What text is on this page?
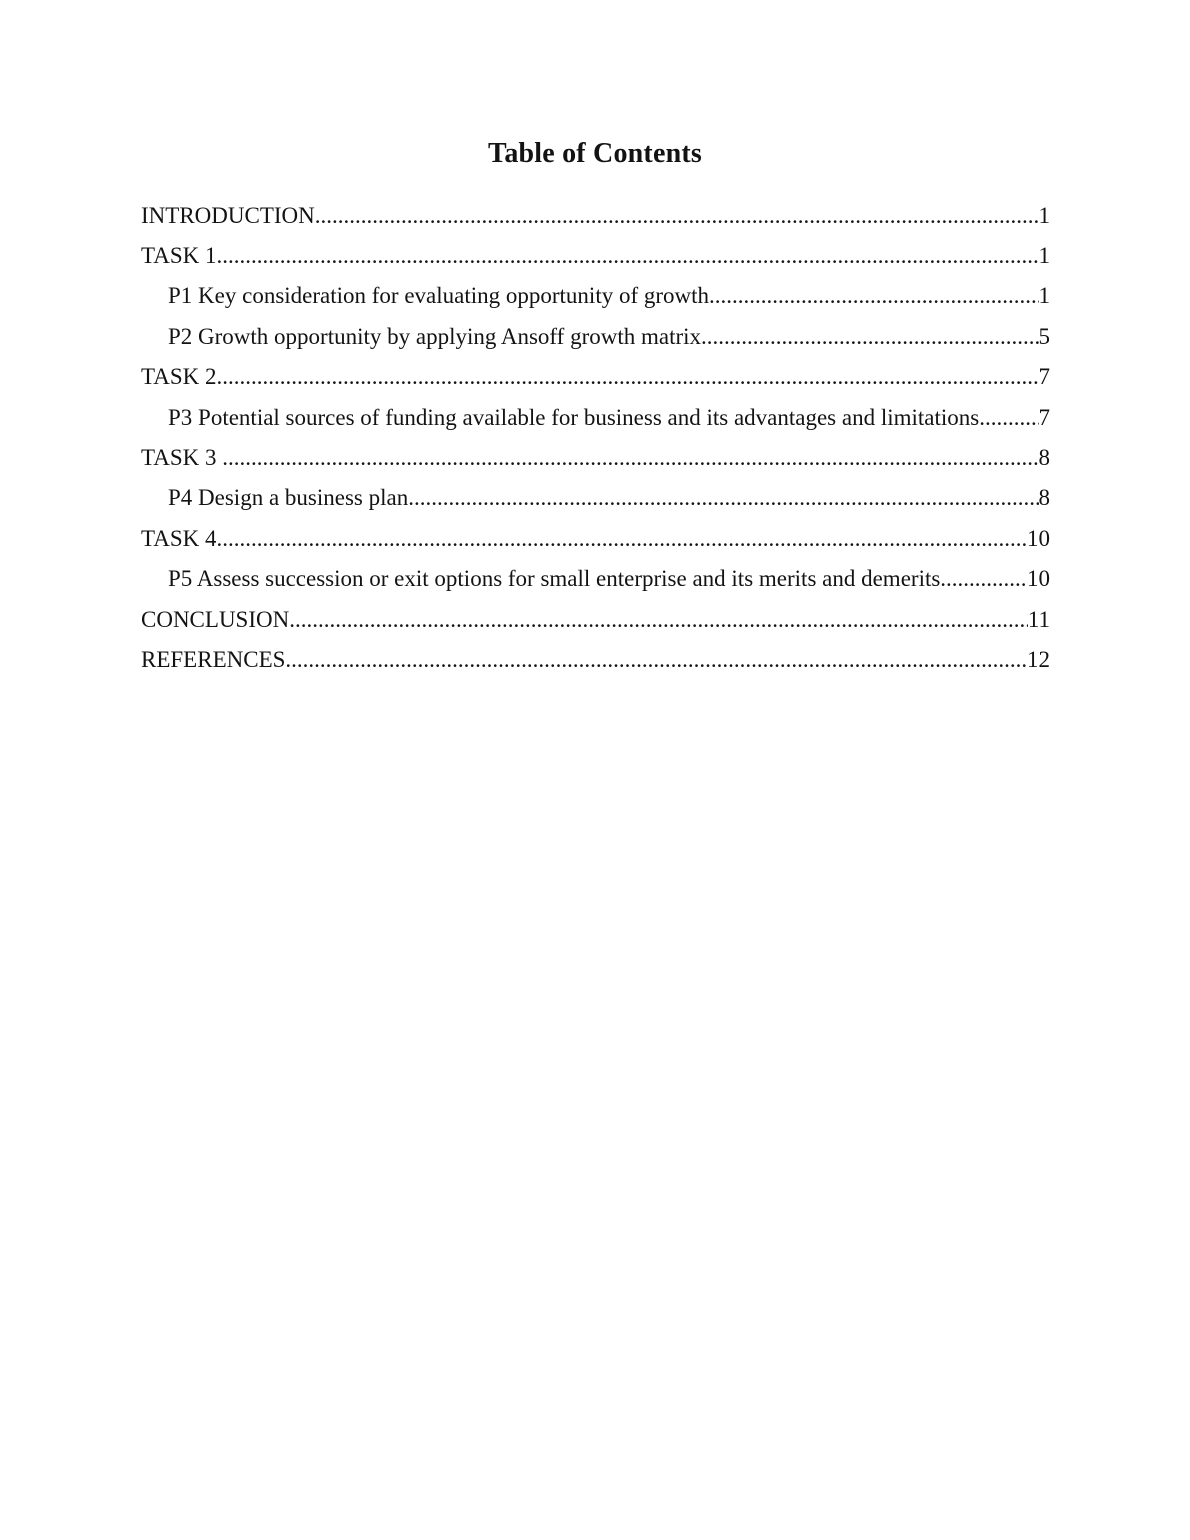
Table of Contents
INTRODUCTION .....	1
TASK 1 .....	1
P1 Key consideration for evaluating opportunity of growth .....	1
P2 Growth opportunity by applying Ansoff growth matrix .....	5
TASK 2 .....	7
P3 Potential sources of funding available for business and its advantages and limitations .....	7
TASK 3 .....	8
P4 Design a business plan .....	8
TASK 4 .....	10
P5 Assess succession or exit options for small enterprise and its merits and demerits .....	10
CONCLUSION .....	11
REFERENCES .....	12
